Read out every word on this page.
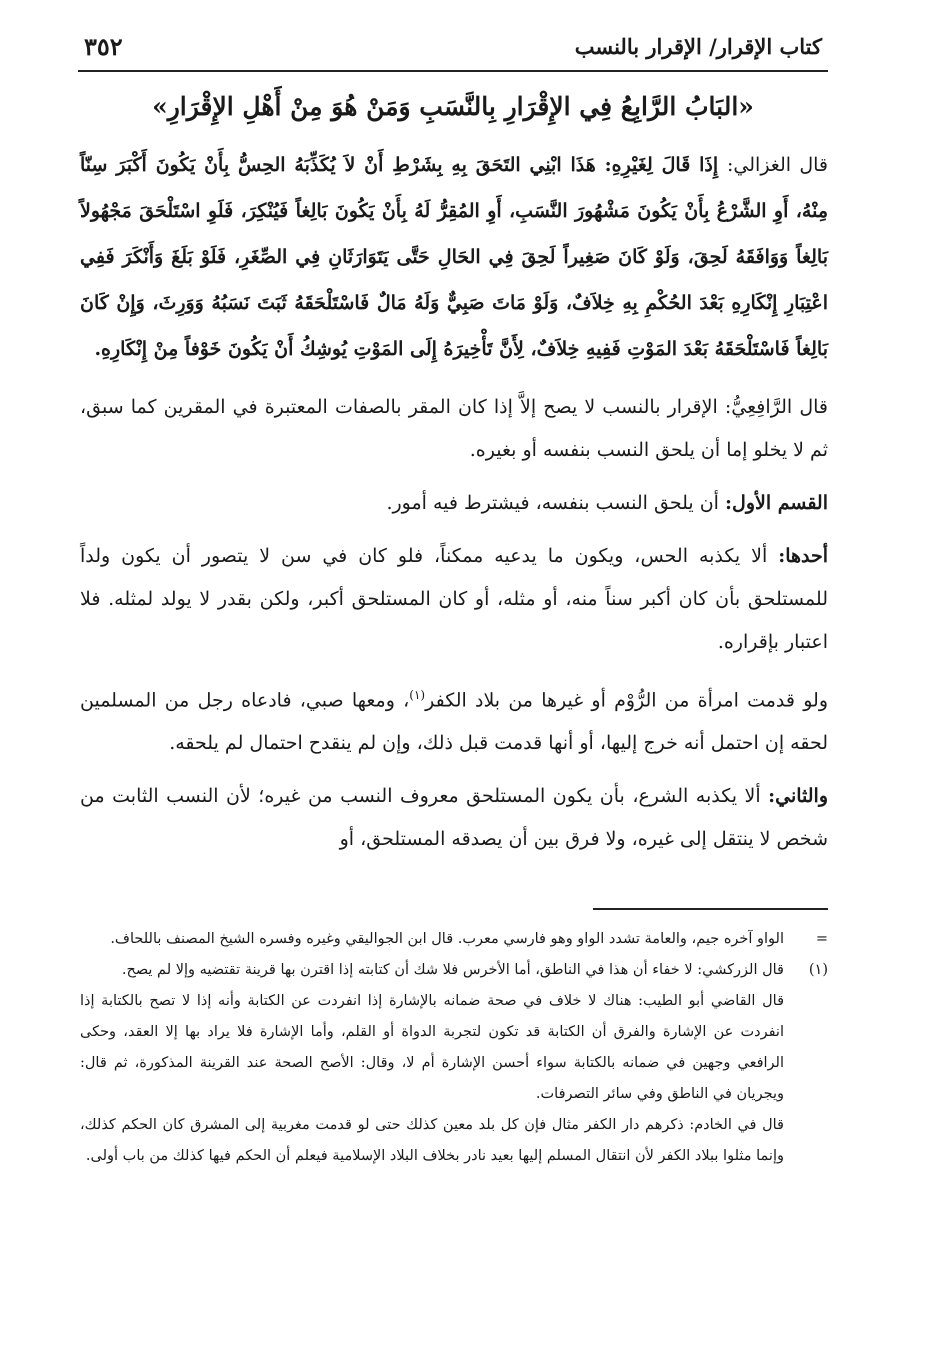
كتاب الإقرار/ الإقرار بالنسب
٣٥٢
«البَابُ الرَّابِعُ فِي الإِقْرَارِ بِالنَّسَبِ وَمَنْ هُوَ مِنْ أَهْلِ الإِقْرَارِ»

قال الغزالي: إِذَا قَالَ لِغَيْرِهِ: هَذَا ابْنِي التَحَقَ بِهِ بِشَرْطِ أَنْ لاَ يُكَذِّبَهُ الحِسُّ بِأَنْ يَكُونَ أَكْبَرَ سِنّاً مِنْهُ، أَوِ الشَّرْعُ بِأَنْ يَكُونَ مَشْهُورَ النَّسَبِ، أَوِ المُقِرُّ لَهُ بِأَنْ يَكُونَ بَالِغاً فَيُنْكِرَ، فَلَوِ اسْتَلْحَقَ مَجْهُولاً بَالِغاً وَوَافَقَهُ لَحِقَ، وَلَوْ كَانَ صَغِيراً لَحِقَ فِي الحَالِ حَتَّى يَتَوَارَثَانِ فِي الصِّغَرِ، فَلَوْ بَلَغَ وَأَنْكَرَ فَفِي اعْتِبَارِ إِنْكَارِهِ بَعْدَ الحُكْمِ بِهِ خِلاَفٌ، وَلَوْ مَاتَ صَبِيٌّ وَلَهُ مَالٌ فَاسْتَلْحَقَهُ ثَبَتَ نَسَبُهُ وَوَرِثَ، وَإِنْ كَانَ بَالِغاً فَاسْتَلْحَقَهُ بَعْدَ المَوْتِ فَفِيهِ خِلاَفٌ، لِأَنَّ تَأْخِيرَهُ إِلَى المَوْتِ يُوشِكُ أَنْ يَكُونَ خَوْفاً مِنْ إِنْكَارِهِ.

قال الرَّافِعِيُّ: الإقرار بالنسب لا يصح إلاَّ إذا كان المقر بالصفات المعتبرة في المقرين كما سبق، ثم لا يخلو إما أن يلحق النسب بنفسه أو بغيره.

القسم الأول: أن يلحق النسب بنفسه، فيشترط فيه أمور.

أحدها: ألا يكذبه الحس، ويكون ما يدعيه ممكناً، فلو كان في سن لا يتصور أن يكون ولداً للمستلحق بأن كان أكبر سناً منه، أو مثله، أو كان المستلحق أكبر، ولكن بقدر لا يولد لمثله. فلا اعتبار بإقراره.

ولو قدمت امرأة من الرُّوْم أو غيرها من بلاد الكفر$^{(١)}$، ومعها صبي، فادعاه رجل من المسلمين لحقه إن احتمل أنه خرج إليها، أو أنها قدمت قبل ذلك، وإن لم ينقدح احتمال لم يلحقه.

والثاني: ألا يكذبه الشرع، بأن يكون المستلحق معروف النسب من غيره؛ لأن النسب الثابت من شخص لا ينتقل إلى غيره، ولا فرق بين أن يصدقه المستلحق، أو

=
الواو آخره جيم، والعامة تشدد الواو وهو فارسي معرب. قال ابن الجواليقي وغيره وفسره الشيخ المصنف باللحاف.

(١)
قال الزركشي: لا خفاء أن هذا في الناطق، أما الأخرس فلا شك أن كتابته إذا اقترن بها قرينة تقتضيه وإلا لم يصح.

قال القاضي أبو الطيب: هناك لا خلاف في صحة ضمانه بالإشارة إذا انفردت عن الكتابة وأنه إذا لا تصح بالكتابة إذا انفردت عن الإشارة والفرق أن الكتابة قد تكون لتجربة الدواة أو القلم، وأما الإشارة فلا يراد بها إلا العقد، وحكى الرافعي وجهين في ضمانه بالكتابة سواء أحسن الإشارة أم لا، وقال: الأصح الصحة عند القرينة المذكورة، ثم قال: ويجريان في الناطق وفي سائر التصرفات.

قال في الخادم: ذكرهم دار الكفر مثال فإن كل بلد معين كذلك حتى لو قدمت مغربية إلى المشرق كان الحكم كذلك، وإنما مثلوا ببلاد الكفر لأن انتقال المسلم إليها بعيد نادر بخلاف البلاد الإسلامية فيعلم أن الحكم فيها كذلك من باب أولى.
